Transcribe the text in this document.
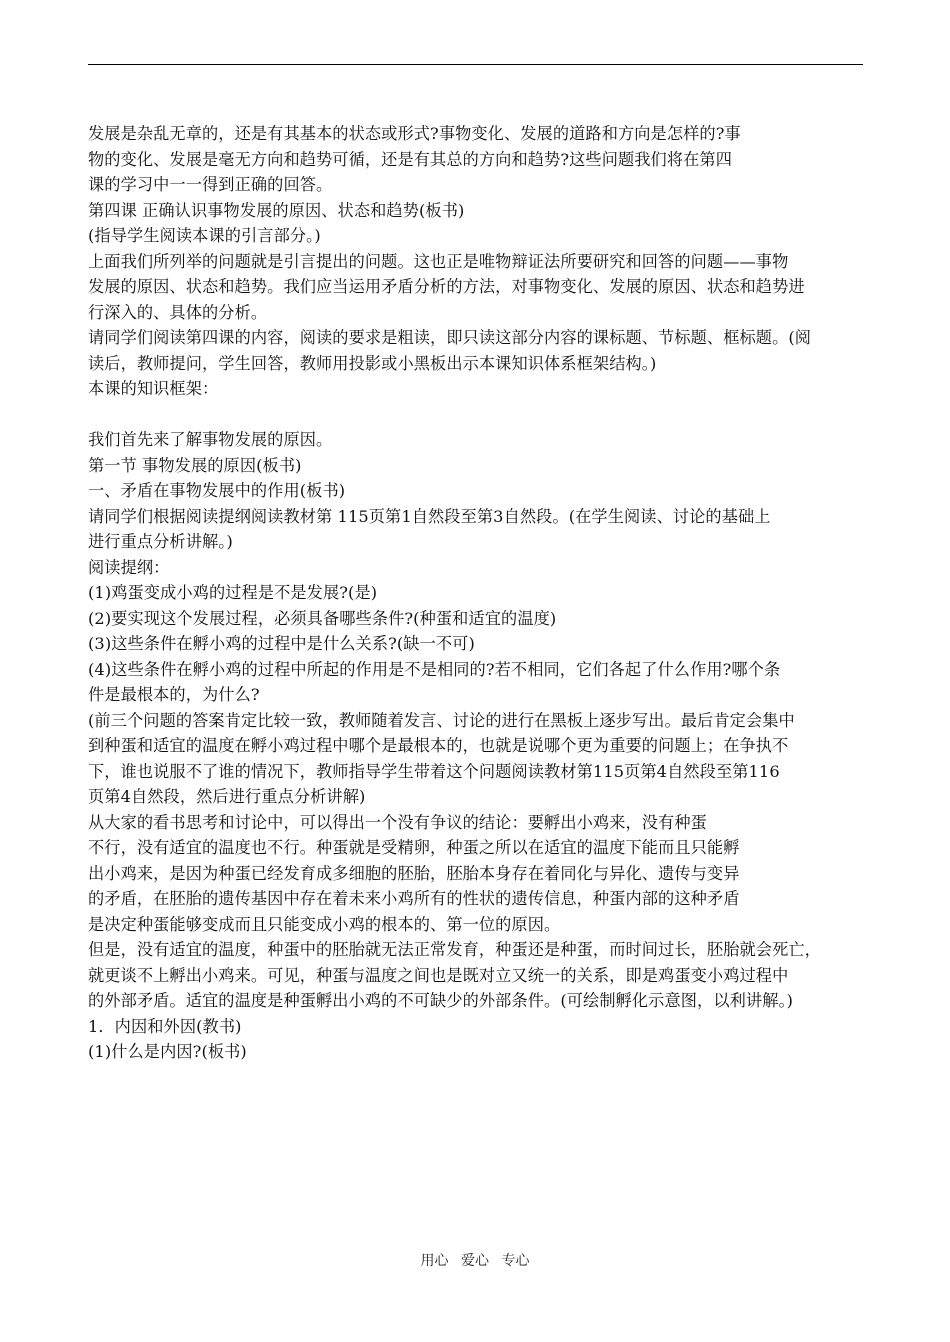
发展是杂乱无章的，还是有其基本的状态或形式?事物变化、发展的道路和方向是怎样的?事
物的变化、发展是毫无方向和趋势可循，还是有其总的方向和趋势?这些问题我们将在第四
课的学习中一一得到正确的回答。
第四课 正确认识事物发展的原因、状态和趋势(板书)
(指导学生阅读本课的引言部分。)
上面我们所列举的问题就是引言提出的问题。这也正是唯物辩证法所要研究和回答的问题——事物
发展的原因、状态和趋势。我们应当运用矛盾分析的方法，对事物变化、发展的原因、状态和趋势进
行深入的、具体的分析。
请同学们阅读第四课的内容，阅读的要求是粗读，即只读这部分内容的课标题、节标题、框标题。(阅
读后，教师提问，学生回答，教师用投影或小黑板出示本课知识体系框架结构。)
本课的知识框架：
我们首先来了解事物发展的原因。
第一节 事物发展的原因(板书)
一、矛盾在事物发展中的作用(板书)
请同学们根据阅读提纲阅读教材第 115页第1自然段至第3自然段。(在学生阅读、讨论的基础上
进行重点分析讲解。)
阅读提纲：
(1)鸡蛋变成小鸡的过程是不是发展?(是)
(2)要实现这个发展过程，必须具备哪些条件?(种蛋和适宜的温度)
(3)这些条件在孵小鸡的过程中是什么关系?(缺一不可)
(4)这些条件在孵小鸡的过程中所起的作用是不是相同的?若不相同，它们各起了什么作用?哪个条
件是最根本的，为什么?
(前三个问题的答案肯定比较一致，教师随着发言、讨论的进行在黑板上逐步写出。最后肯定会集中
到种蛋和适宜的温度在孵小鸡过程中哪个是最根本的，也就是说哪个更为重要的问题上；在争执不
下，谁也说服不了谁的情况下，教师指导学生带着这个问题阅读教材第115页第4自然段至第116
页第4自然段，然后进行重点分析讲解)
从大家的看书思考和讨论中，可以得出一个没有争议的结论：要孵出小鸡来，没有种蛋
不行，没有适宜的温度也不行。种蛋就是受精卵，种蛋之所以在适宜的温度下能而且只能孵
出小鸡来，是因为种蛋已经发育成多细胞的胚胎，胚胎本身存在着同化与异化、遗传与变异
的矛盾，在胚胎的遗传基因中存在着未来小鸡所有的性状的遗传信息，种蛋内部的这种矛盾
是决定种蛋能够变成而且只能变成小鸡的根本的、第一位的原因。
但是，没有适宜的温度，种蛋中的胚胎就无法正常发育，种蛋还是种蛋，而时间过长，胚胎就会死亡，
就更谈不上孵出小鸡来。可见，种蛋与温度之间也是既对立又统一的关系，即是鸡蛋变小鸡过程中
的外部矛盾。适宜的温度是种蛋孵出小鸡的不可缺少的外部条件。(可绘制孵化示意图，以利讲解。)
1．内因和外因(教书)
(1)什么是内因?(板书)
用心 爱心 专心
